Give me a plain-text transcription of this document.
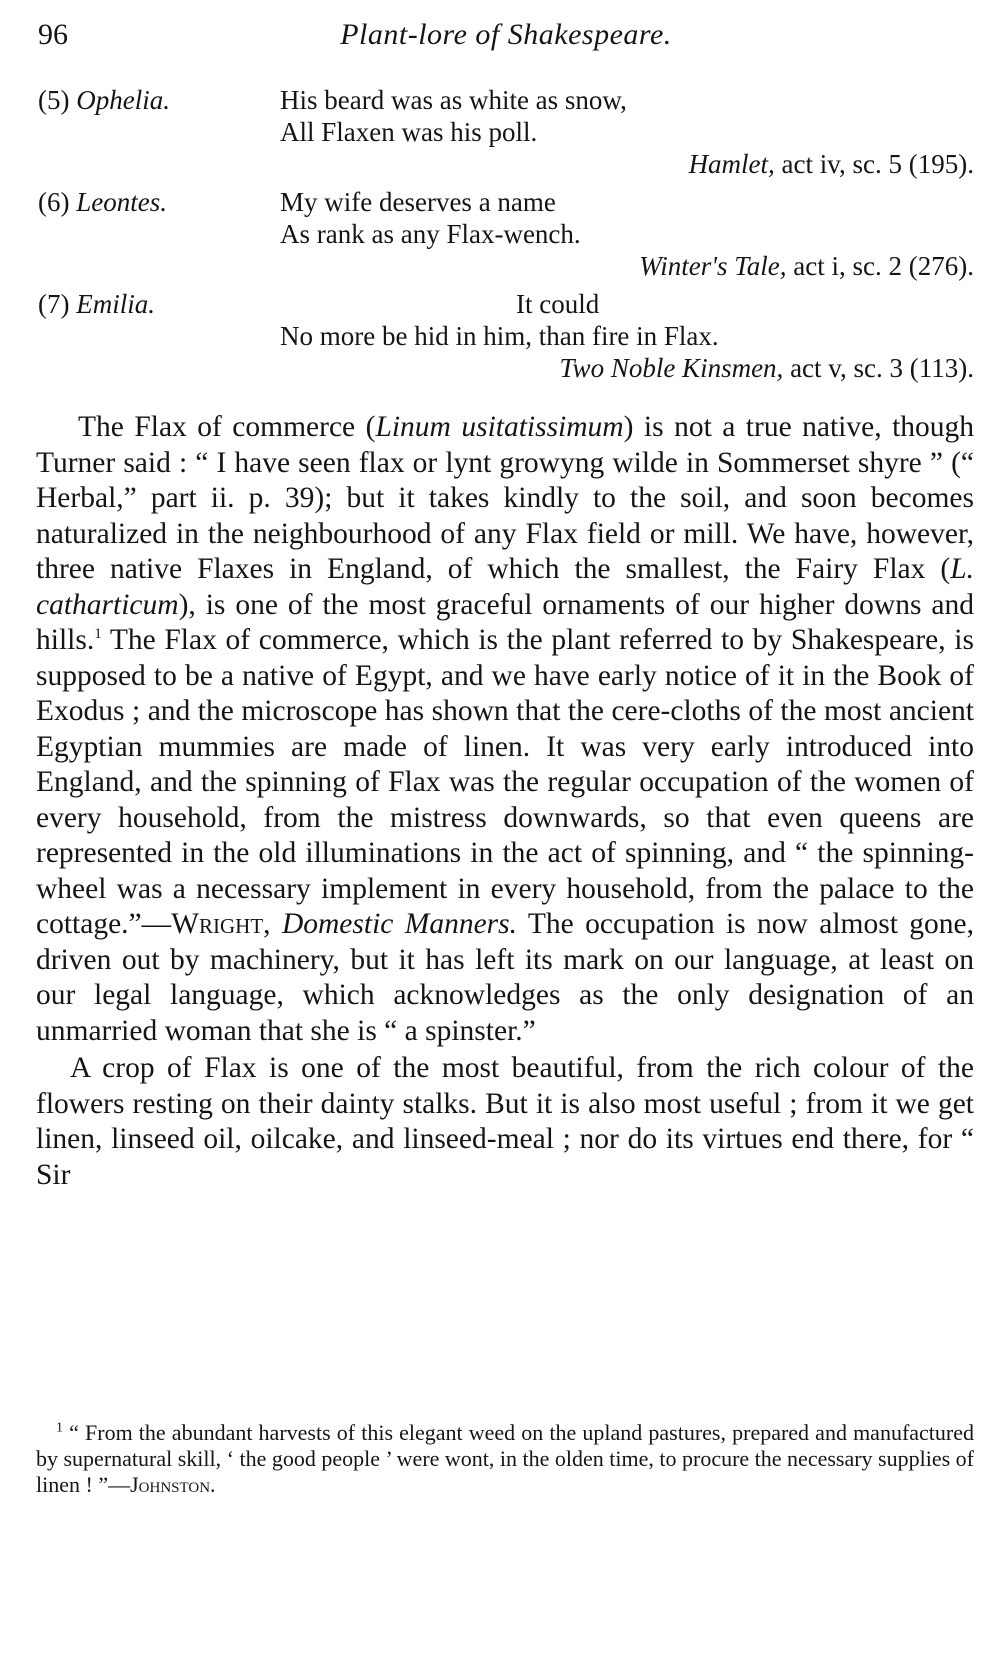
96	Plant-lore of Shakespeare.
(5) Ophelia.	His beard was as white as snow,
All Flaxen was his poll.
Hamlet, act iv, sc. 5 (195).
(6) Leontes.	My wife deserves a name
As rank as any Flax-wench.
Winter's Tale, act i, sc. 2 (276).
(7) Emilia.	It could
No more be hid in him, than fire in Flax.
Two Noble Kinsmen, act v, sc. 3 (113).

The Flax of commerce (Linum usitatissimum) is not a true native, though Turner said : “ I have seen flax or lynt growyng wilde in Sommerset shyre ” (“ Herbal,” part ii. p. 39); but it takes kindly to the soil, and soon becomes naturalized in the neighbourhood of any Flax field or mill. We have, however, three native Flaxes in England, of which the smallest, the Fairy Flax (L. catharticum), is one of the most graceful ornaments of our higher downs and hills.$^1$ The Flax of commerce, which is the plant referred to by Shakespeare, is supposed to be a native of Egypt, and we have early notice of it in the Book of Exodus ; and the microscope has shown that the cere-cloths of the most ancient Egyptian mummies are made of linen. It was very early introduced into England, and the spinning of Flax was the regular occupation of the women of every household, from the mistress downwards, so that even queens are represented in the old illuminations in the act of spinning, and “ the spinning-wheel was a necessary implement in every household, from the palace to the cottage.”—Wright, Domestic Manners. The occupation is now almost gone, driven out by machinery, but it has left its mark on our language, at least on our legal language, which acknowledges as the only designation of an unmarried woman that she is “ a spinster.”

A crop of Flax is one of the most beautiful, from the rich colour of the flowers resting on their dainty stalks. But it is also most useful ; from it we get linen, linseed oil, oilcake, and linseed-meal ; nor do its virtues end there, for “ Sir

$^1$ “ From the abundant harvests of this elegant weed on the upland pastures, prepared and manufactured by supernatural skill, ‘ the good people ’ were wont, in the olden time, to procure the necessary supplies of linen ! ”—Johnston.
